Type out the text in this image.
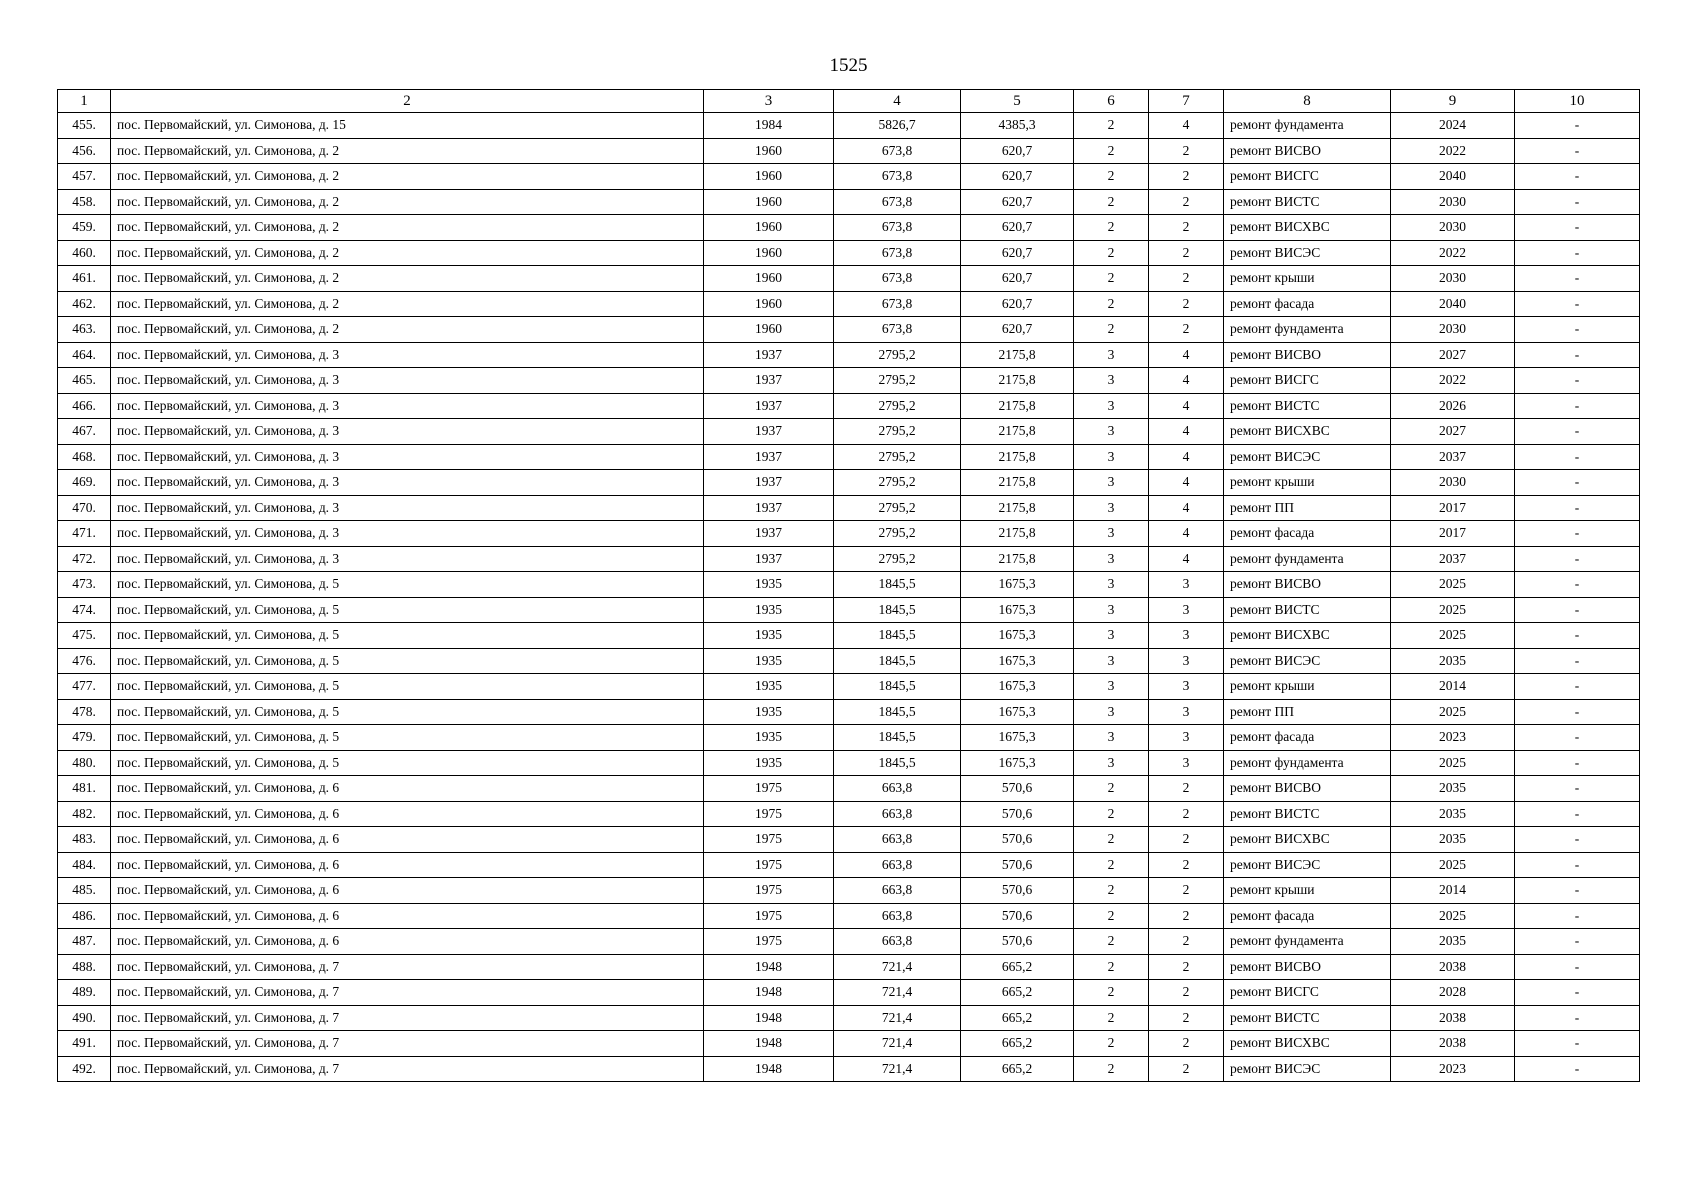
1525
1	2	3	4	5	6	7	8	9	10
455.	пос. Первомайский, ул. Симонова, д. 15	1984	5826,7	4385,3	2	4	ремонт фундамента	2024	-
456.	пос. Первомайский, ул. Симонова, д. 2	1960	673,8	620,7	2	2	ремонт ВИСВО	2022	-
457.	пос. Первомайский, ул. Симонова, д. 2	1960	673,8	620,7	2	2	ремонт ВИСГС	2040	-
458.	пос. Первомайский, ул. Симонова, д. 2	1960	673,8	620,7	2	2	ремонт ВИСТС	2030	-
459.	пос. Первомайский, ул. Симонова, д. 2	1960	673,8	620,7	2	2	ремонт ВИСХВС	2030	-
460.	пос. Первомайский, ул. Симонова, д. 2	1960	673,8	620,7	2	2	ремонт ВИСЭС	2022	-
461.	пос. Первомайский, ул. Симонова, д. 2	1960	673,8	620,7	2	2	ремонт крыши	2030	-
462.	пос. Первомайский, ул. Симонова, д. 2	1960	673,8	620,7	2	2	ремонт фасада	2040	-
463.	пос. Первомайский, ул. Симонова, д. 2	1960	673,8	620,7	2	2	ремонт фундамента	2030	-
464.	пос. Первомайский, ул. Симонова, д. 3	1937	2795,2	2175,8	3	4	ремонт ВИСВО	2027	-
465.	пос. Первомайский, ул. Симонова, д. 3	1937	2795,2	2175,8	3	4	ремонт ВИСГС	2022	-
466.	пос. Первомайский, ул. Симонова, д. 3	1937	2795,2	2175,8	3	4	ремонт ВИСТС	2026	-
467.	пос. Первомайский, ул. Симонова, д. 3	1937	2795,2	2175,8	3	4	ремонт ВИСХВС	2027	-
468.	пос. Первомайский, ул. Симонова, д. 3	1937	2795,2	2175,8	3	4	ремонт ВИСЭС	2037	-
469.	пос. Первомайский, ул. Симонова, д. 3	1937	2795,2	2175,8	3	4	ремонт крыши	2030	-
470.	пос. Первомайский, ул. Симонова, д. 3	1937	2795,2	2175,8	3	4	ремонт ПП	2017	-
471.	пос. Первомайский, ул. Симонова, д. 3	1937	2795,2	2175,8	3	4	ремонт фасада	2017	-
472.	пос. Первомайский, ул. Симонова, д. 3	1937	2795,2	2175,8	3	4	ремонт фундамента	2037	-
473.	пос. Первомайский, ул. Симонова, д. 5	1935	1845,5	1675,3	3	3	ремонт ВИСВО	2025	-
474.	пос. Первомайский, ул. Симонова, д. 5	1935	1845,5	1675,3	3	3	ремонт ВИСТС	2025	-
475.	пос. Первомайский, ул. Симонова, д. 5	1935	1845,5	1675,3	3	3	ремонт ВИСХВС	2025	-
476.	пос. Первомайский, ул. Симонова, д. 5	1935	1845,5	1675,3	3	3	ремонт ВИСЭС	2035	-
477.	пос. Первомайский, ул. Симонова, д. 5	1935	1845,5	1675,3	3	3	ремонт крыши	2014	-
478.	пос. Первомайский, ул. Симонова, д. 5	1935	1845,5	1675,3	3	3	ремонт ПП	2025	-
479.	пос. Первомайский, ул. Симонова, д. 5	1935	1845,5	1675,3	3	3	ремонт фасада	2023	-
480.	пос. Первомайский, ул. Симонова, д. 5	1935	1845,5	1675,3	3	3	ремонт фундамента	2025	-
481.	пос. Первомайский, ул. Симонова, д. 6	1975	663,8	570,6	2	2	ремонт ВИСВО	2035	-
482.	пос. Первомайский, ул. Симонова, д. 6	1975	663,8	570,6	2	2	ремонт ВИСТС	2035	-
483.	пос. Первомайский, ул. Симонова, д. 6	1975	663,8	570,6	2	2	ремонт ВИСХВС	2035	-
484.	пос. Первомайский, ул. Симонова, д. 6	1975	663,8	570,6	2	2	ремонт ВИСЭС	2025	-
485.	пос. Первомайский, ул. Симонова, д. 6	1975	663,8	570,6	2	2	ремонт крыши	2014	-
486.	пос. Первомайский, ул. Симонова, д. 6	1975	663,8	570,6	2	2	ремонт фасада	2025	-
487.	пос. Первомайский, ул. Симонова, д. 6	1975	663,8	570,6	2	2	ремонт фундамента	2035	-
488.	пос. Первомайский, ул. Симонова, д. 7	1948	721,4	665,2	2	2	ремонт ВИСВО	2038	-
489.	пос. Первомайский, ул. Симонова, д. 7	1948	721,4	665,2	2	2	ремонт ВИСГС	2028	-
490.	пос. Первомайский, ул. Симонова, д. 7	1948	721,4	665,2	2	2	ремонт ВИСТС	2038	-
491.	пос. Первомайский, ул. Симонова, д. 7	1948	721,4	665,2	2	2	ремонт ВИСХВС	2038	-
492.	пос. Первомайский, ул. Симонова, д. 7	1948	721,4	665,2	2	2	ремонт ВИСЭС	2023	-
